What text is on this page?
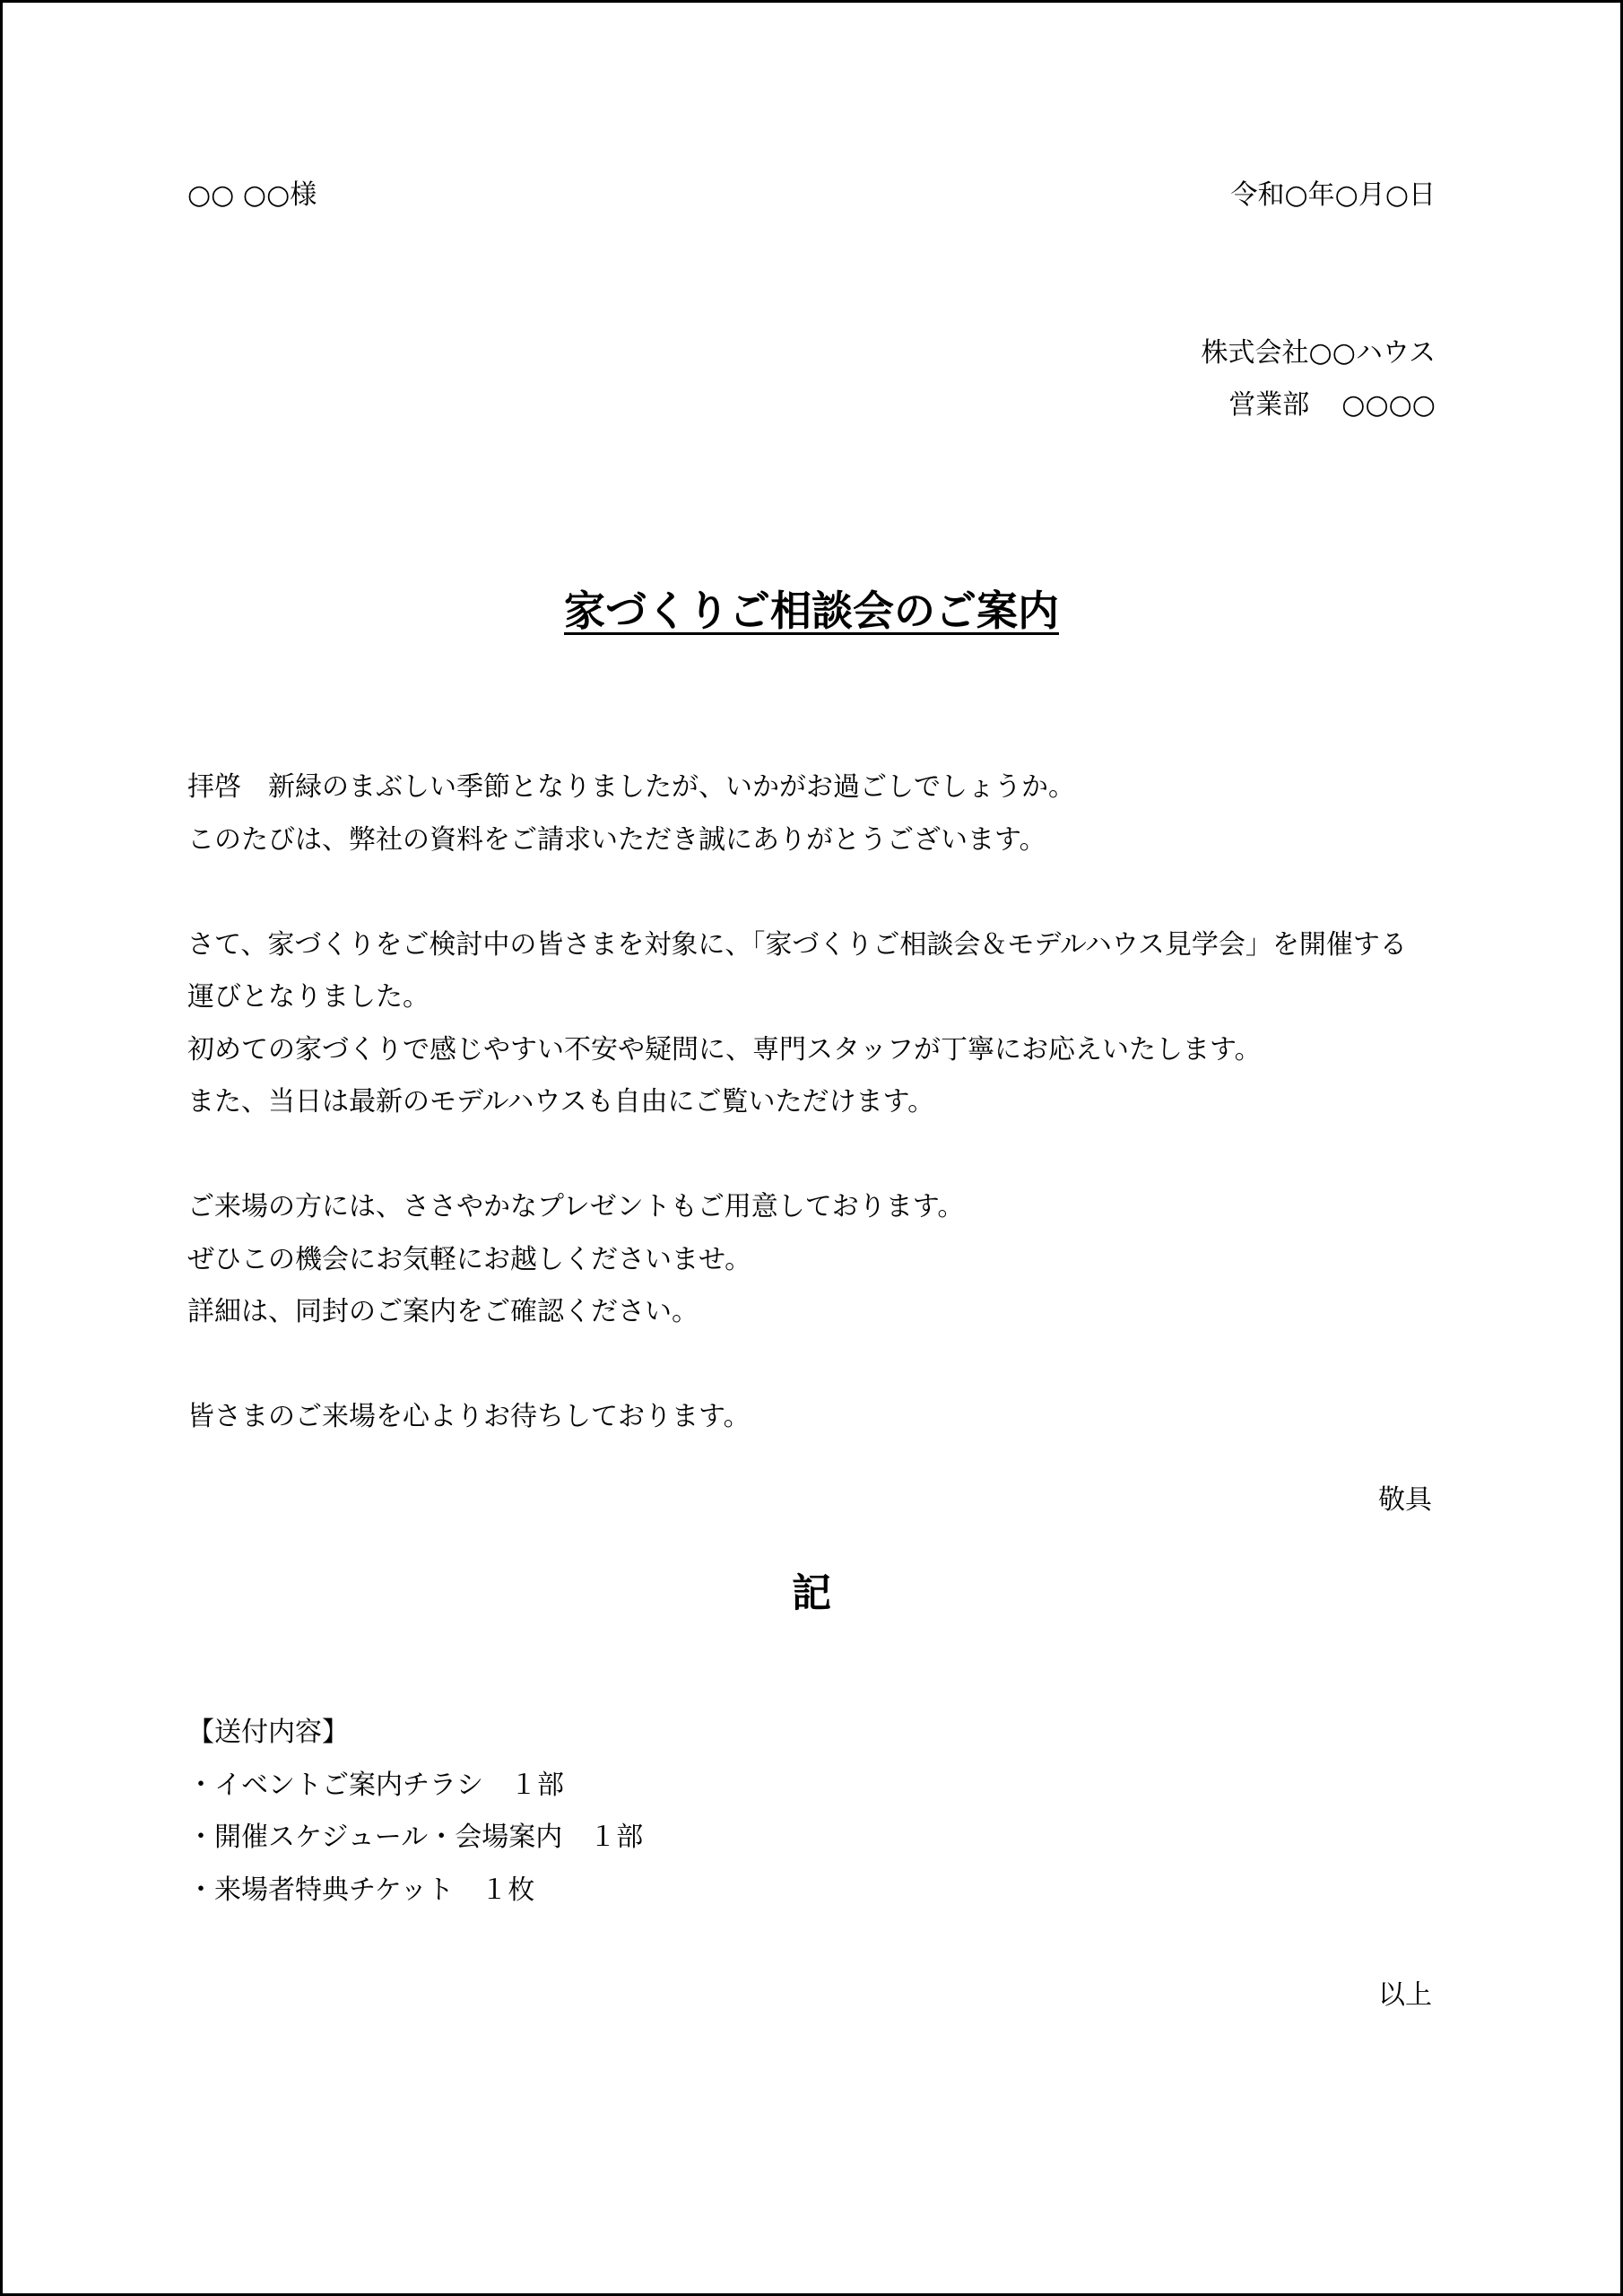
○○ ○○様	令和○年○月○日
株式会社○○ハウス
営業部 ○○○○
家づくりご相談会のご案内
拝啓　新緑のまぶしい季節となりましたが、いかがお過ごしでしょうか。
このたびは、弊社の資料をご請求いただき誠にありがとうございます。
さて、家づくりをご検討中の皆さまを対象に、「家づくりご相談会＆モデルハウス見学会」を開催する
運びとなりました。
初めての家づくりで感じやすい不安や疑問に、専門スタッフが丁寧にお応えいたします。
また、当日は最新のモデルハウスも自由にご覧いただけます。
ご来場の方には、ささやかなプレゼントもご用意しております。
ぜひこの機会にお気軽にお越しくださいませ。
詳細は、同封のご案内をご確認ください。
皆さまのご来場を心よりお待ちしております。
敬具
記
【送付内容】
・イベントご案内チラシ　１部
・開催スケジュール・会場案内　１部
・来場者特典チケット　１枚
以上
